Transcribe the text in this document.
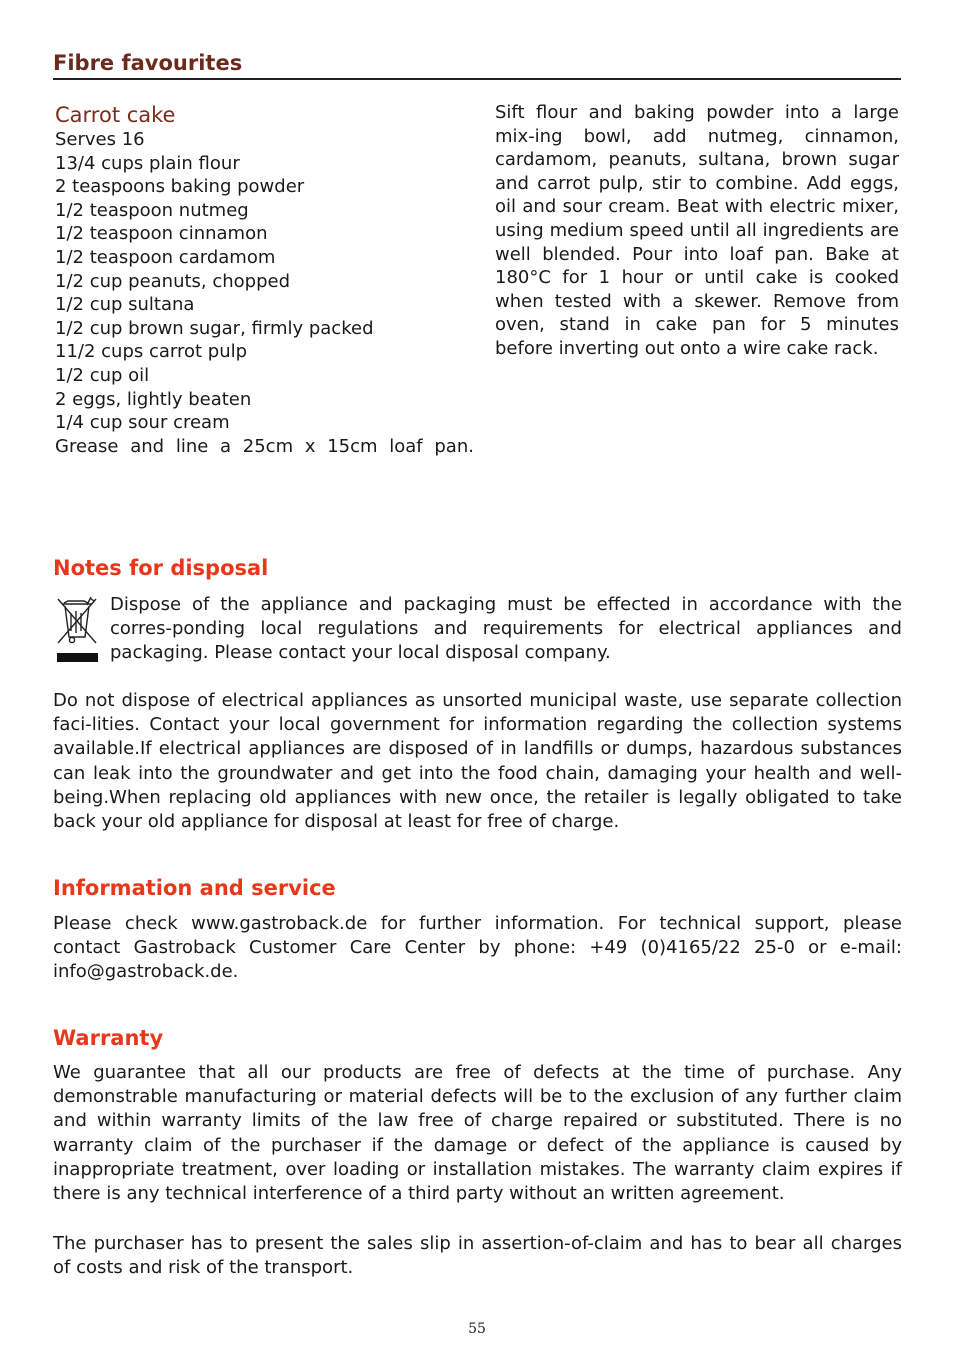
Fibre favourites

Carrot cake

Serves 16

13/4 cups plain flour

2 teaspoons baking powder

1/2 teaspoon nutmeg

1/2 teaspoon cinnamon

1/2 teaspoon cardamom

1/2 cup peanuts, chopped

1/2 cup sultana

1/2 cup brown sugar, firmly packed

11/2 cups carrot pulp

1/2 cup oil

2 eggs, lightly beaten

1/4 cup sour cream

Grease and line a 25cm x 15cm loaf pan.

Sift flour and baking powder into a large mix-ing bowl, add nutmeg, cinnamon, cardamom, peanuts, sultana, brown sugar and carrot pulp, stir to combine. Add eggs, oil and sour cream. Beat with electric mixer, using medium speed until all ingredients are well blended. Pour into loaf pan. Bake at 180°C for 1 hour or until cake is cooked when tested with a skewer. Remove from oven, stand in cake pan for 5 minutes before inverting out onto a wire cake rack.

Notes for disposal

Dispose of the appliance and packaging must be effected in accordance with the corres-ponding local regulations and requirements for electrical appliances and packaging. Please contact your local disposal company.

Do not dispose of electrical appliances as unsorted municipal waste, use separate collection faci-lities. Contact your local government for information regarding the collection systems available.If electrical appliances are disposed of in landfills or dumps, hazardous substances can leak into the groundwater and get into the food chain, damaging your health and well-being.When replacing old appliances with new once, the retailer is legally obligated to take back your old appliance for disposal at least for free of charge.

Information and service

Please check www.gastroback.de for further information. For technical support, please contact Gastroback Customer Care Center by phone: +49 (0)4165/22 25-0 or e-mail: info@gastroback.de.

Warranty

We guarantee that all our products are free of defects at the time of purchase. Any demonstrable manufacturing or material defects will be to the exclusion of any further claim and within warranty limits of the law free of charge repaired or substituted. There is no warranty claim of the purchaser if the damage or defect of the appliance is caused by inappropriate treatment, over loading or installation mistakes. The warranty claim expires if there is any technical interference of a third party without an written agreement.

The purchaser has to present the sales slip in assertion-of-claim and has to bear all charges of costs and risk of the transport.

55
